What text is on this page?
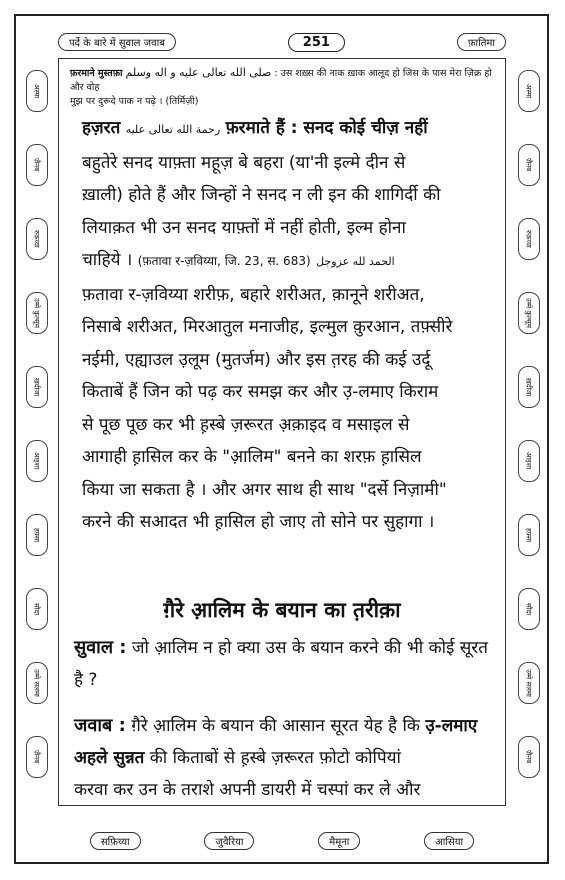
पर्दे के बारे में सुवाल जवाब	251	फ़ातिमा
अस्मा
ज़ैनब
रुक़य्या
उम्मे कुल्सूम
ख़दीजा
आइशा
हफ़्सा
सौदा
उम्मे सलमा
ज़ैनब
अस्मा
ज़ैनब
रुक़य्या
उम्मे कुल्सूम
ख़दीजा
आइशा
हफ़्सा
सौदा
उम्मे सलमा
ज़ैनब
फ़रमाने मुस्तफ़ा صلى الله تعالى عليه و اله وسلم : उस शख़्स की नाक ख़ाक आलूद हो जिस के पास मेरा ज़िक्र हो और वोह
मुझ पर दुरूदे पाक न पढ़े । (तिर्मिज़ी)
हज़रत رحمة الله تعالى عليه फ़रमाते हैं : सनद कोई चीज़ नहीं
बहुतेरे सनद याफ़्ता महूज़ बे बहरा (या'नी इल्मे दीन से
ख़ाली) होते हैं और जिन्हों ने सनद न ली इन की शागिर्दी की
लियाक़त भी उन सनद याफ़्तों में नहीं होती, इल्म होना
चाहिये । (फ़तावा र-ज़विय्या, जि. 23, स. 683) الحمد لله عزوجل
फ़तावा र-ज़विय्या शरीफ़, बहारे शरीअत, क़ानूने शरीअत,
निसाबे शरीअत, मिरआतुल मनाजीह, इल्मुल क़ुरआन, तफ़्सीरे
नईमी, एह्याउल उ़लूम (मुतर्जम) और इस त़रह की कई उर्दू
किताबें हैं जिन को पढ़ कर समझ कर और उ़-लमाए किराम
से पूछ पूछ कर भी ह़स्बे ज़रूरत अ़क़ाइद व मसाइल से
आगाही ह़ासिल कर के "आ़लिम" बनने का शरफ़ ह़ासिल
किया जा सकता है । और अगर साथ ही साथ "दर्से निज़ामी"
करने की सआदत भी ह़ासिल हो जाए तो सोने पर सुहागा ।
ग़ैरे आ़लिम के बयान का त़रीक़ा
सुवाल : जो आ़लिम न हो क्या उस के बयान करने की भी कोई सूरत
है ?
जवाब : ग़ैरे आ़लिम के बयान की आसान सूरत येह है कि उ़-लमाए
अहले सुन्नत की किताबों से ह़स्बे ज़रूरत फ़ोटो कोपियां
करवा कर उन के तराशे अपनी डायरी में चस्पां कर ले और
सफ़िय्या	जुवैरिया	मैमूना	आसिया
